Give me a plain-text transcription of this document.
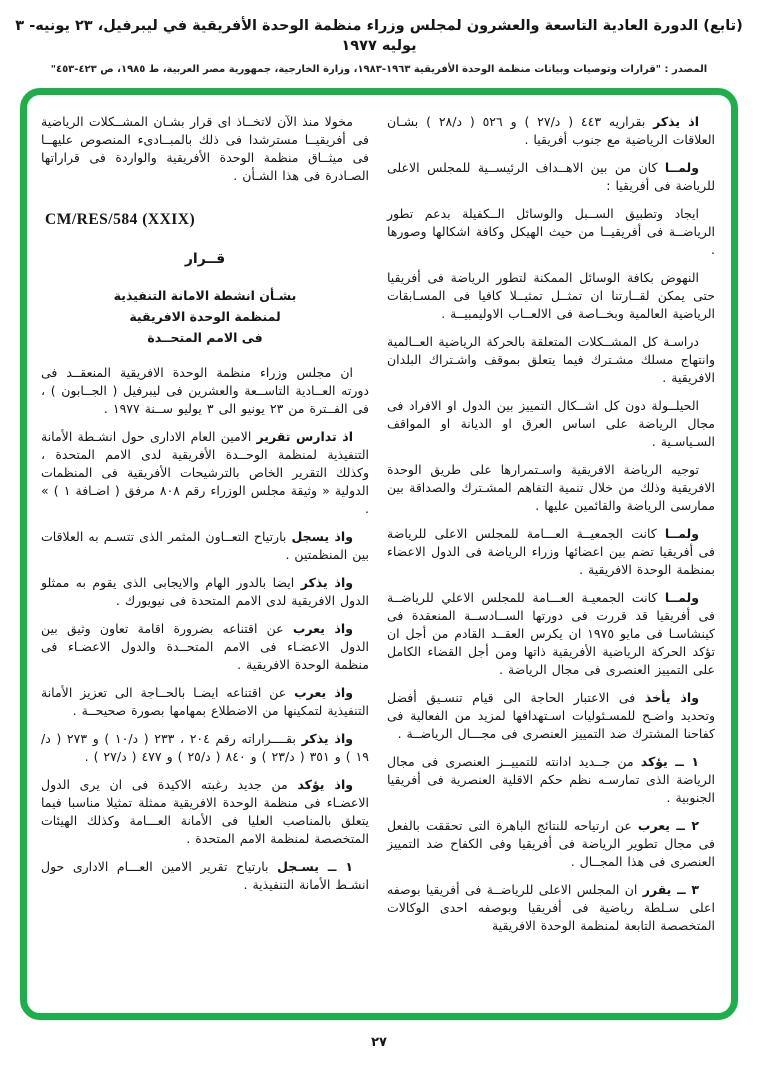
(تابع) الدورة العادية التاسعة والعشرون لمجلس وزراء منظمة الوحدة الأفريقية في ليبرفيل، ٢٣ يونيه- ٣ يوليه ١٩٧٧
المصدر : "قرارات وتوصيات وبيانات منظمة الوحدة الأفريقية ١٩٦٣-١٩٨٣، وزارة الخارجية، جمهورية مصر العربية، ط ١٩٨٥، ص ٤٢٣-٤٥٣"

اذ يذكر بقراريه ٤٤٣ ( د/٢٧ ) و ٥٢٦ ( د/٢٨ ) بشـان العلاقات الرياضية مع جنوب أفريقيا .

ولمــا كان من بين الاهــداف الرئيســية للمجلس الاعلى للرياضة فى أفريقيا :

ايجاد وتطبيق الســبل والوسائل الــكفيلة بدعم تطور الرياضــة فى أفريقيــا من حيث الهيكل وكافة اشكالها وصورها .

النهوض بكافة الوسائل الممكنة لتطور الرياضة فى أفريقيا حتى يمكن لقــارتنا ان تمثــل تمثيــلا كافيا فى المسـابقات الرياضية العالمية وبخــاصة فى الالعــاب الاوليمبيــة .

دراسـة كل المشــكلات المتعلقة بالحركة الرياضية العــالمية وانتهاج مسلك مشـترك فيما يتعلق بموقف واشـتراك البلدان الافريقية .

الحيلــولة دون كل اشــكال التمييز بين الدول او الافراد فى مجال الرياضة على اساس العرق او الديانة او المواقف السـياسـية .

توجيه الرياضة الافريقية واسـتمرارها على طريق الوحدة الافريقية وذلك من خلال تنمية التفاهم المشـترك والصداقة بين ممارسى الرياضة والقائمين عليها .

ولمــا كانت الجمعيــة العـــامة للمجلس الاعلى للرياضة فى أفريقيا تضم بين اعضائها وزراء الرياضة فى الدول الاعضاء بمنظمة الوحدة الافريقية .

ولمــا كانت الجمعيـة العـــامة للمجلس الاعلي للرياضــة فى أفريقيا قد قررت فى دورتها الســادســة المنعقدة فى كينشاسـا فى مايو ١٩٧٥ ان يكرس العقــد القادم من أجل ان تؤكد الحركة الرياضية الأفريقية ذاتها ومن أجل القضاء الكامل على التمييز العنصرى فى مجال الرياضة .

واذ يأخذ فى الاعتبار الحاجة الى قيام تنسـيق أفضل وتحديد واضـح للمسـئوليات اسـتهدافها لمزيد من الفعالية فى كفاحنا المشترك ضد التمييز العنصرى فى مجـــال الرياضــة .

١ ــ يؤكد من جــديد ادانته للتمييــز العنصرى فى مجال الرياضة الذى تمارسـه نظم حكم الاقلية العنصرية فى أفريقيا الجنوبية .

٢ ــ يعرب عن ارتياحه للنتائج الباهرة التى تحققت بالفعل فى مجال تطوير الرياضة فى أفريقيا وفى الكفاح ضد التمييز العنصرى فى هذا المجــال .

٣ ــ يقرر ان المجلس الاعلى للرياضــة فى أفريقيا بوصفه اعلى سـلطة رياضية فى أفريقيا وبوصفه احدى الوكالات المتخصصة التابعة لمنظمة الوحدة الافريقية

مخولا منذ الآن لاتخــاذ اى قرار بشـان المشــكلات الرياضية فى أفريقيــا مسترشدا فى ذلك بالمبــادىء المنصوص عليهــا فى ميثــاق منظمة الوحدة الأفريقية والواردة فى قراراتها الصـادرة فى هذا الشـأن .

CM/RES/584 (XXIX)
قــرار

بشـأن انشطة الامانة التنفيذية

لمنظمة الوحدة الافريقية

فى الامم المتحــدة

ان مجلس وزراء منظمة الوحدة الافريقية المنعقــد فى دورته العــادية التاســعة والعشرين فى ليبرفيل ( الجــابون ) ، فى الفــترة من ٢٣ يونيو الى ٣ يوليو ســنة ١٩٧٧ .

اذ تدارس تقرير الامين العام الادارى حول انشـطة الأمانة التنفيذية لمنظمة الوحــدة الأفريقية لدى الامم المتحدة ، وكذلك التقرير الخاص بالترشيحات الأفريقية فى المنظمات الدولية « وثيقة مجلس الوزراء رقم ٨٠٨ مرفق ( اضـافة ١ ) » .

واذ يسجل بارتياح التعــاون المثمر الذى تتسـم به العلاقات بين المنظمتين .

واذ يذكر ايضا بالدور الهام والايجابى الذى يقوم به ممثلو الدول الافريقية لدى الامم المتحدة فى نيويورك .

واذ يعرب عن اقتناعه بضرورة اقامة تعاون وثيق بين الدول الاعضـاء فى الامم المتحــدة والدول الاعضـاء فى منظمة الوحدة الافريقية .

واذ يعرب عن اقتناعه ايضـا بالحــاجة الى تعزيز الأمانة التنفيذية لتمكينها من الاضطلاع بمهامها بصورة صحيحــة .

واذ يذكر بقــــراراته رقم ٢٠٤ ، ٢٣٣ ( د/١٠ ) و ٢٧٣ ( د/١٩ ) و ٣٥١ ( د/٢٣ ) و ٨٤٠ ( د/٢٥ ) و ٤٧٧ ( د/٢٧ ) .

واذ يؤكد من جديد رغبته الاكيدة فى ان يرى الدول الاعضـاء فى منظمة الوحدة الافريقية ممثلة تمثيلا مناسبا فيما يتعلق بالمناصب العليا فى الأمانة العـــامة وكذلك الهيئات المتخصصة لمنظمة الامم المتحدة .

١ ــ يسـجل بارتياح تقرير الامين العـــام الادارى حول انشـط الأمانة التنفيذية .

٢٧
